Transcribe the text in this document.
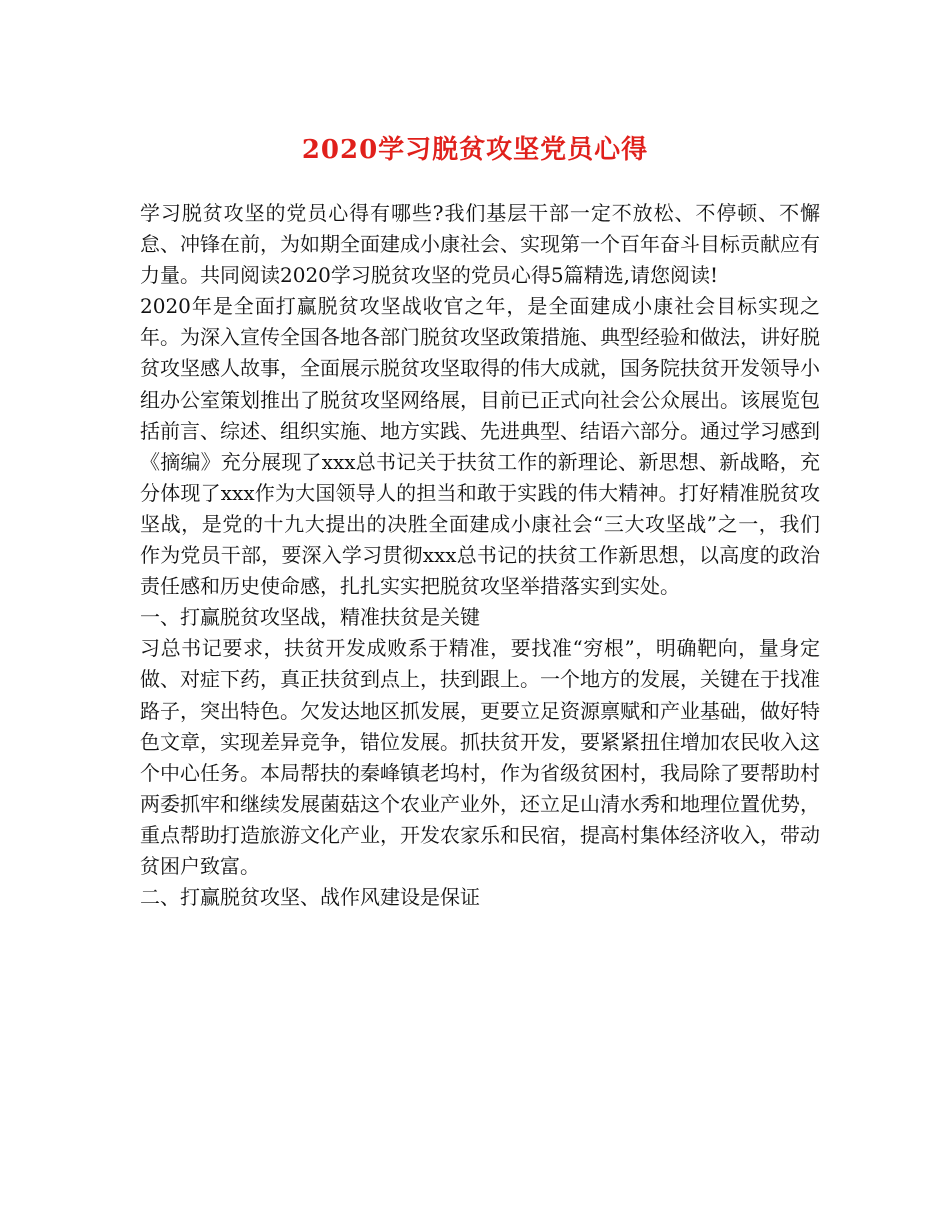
2020学习脱贫攻坚党员心得

学习脱贫攻坚的党员心得有哪些?我们基层干部一定不放松、不停顿、不懈怠、冲锋在前，为如期全面建成小康社会、实现第一个百年奋斗目标贡献应有力量。共同阅读2020学习脱贫攻坚的党员心得5篇精选,请您阅读!

2020年是全面打赢脱贫攻坚战收官之年，是全面建成小康社会目标实现之年。为深入宣传全国各地各部门脱贫攻坚政策措施、典型经验和做法，讲好脱贫攻坚感人故事，全面展示脱贫攻坚取得的伟大成就，国务院扶贫开发领导小组办公室策划推出了脱贫攻坚网络展，目前已正式向社会公众展出。该展览包括前言、综述、组织实施、地方实践、先进典型、结语六部分。通过学习感到《摘编》充分展现了xxx总书记关于扶贫工作的新理论、新思想、新战略，充分体现了xxx作为大国领导人的担当和敢于实践的伟大精神。打好精准脱贫攻坚战，是党的十九大提出的决胜全面建成小康社会“三大攻坚战”之一，我们作为党员干部，要深入学习贯彻xxx总书记的扶贫工作新思想，以高度的政治责任感和历史使命感，扎扎实实把脱贫攻坚举措落实到实处。

一、打赢脱贫攻坚战，精准扶贫是关键

习总书记要求，扶贫开发成败系于精准，要找准“穷根”，明确靶向，量身定做、对症下药，真正扶贫到点上，扶到跟上。一个地方的发展，关键在于找准路子，突出特色。欠发达地区抓发展，更要立足资源禀赋和产业基础，做好特色文章，实现差异竞争，错位发展。抓扶贫开发，要紧紧扭住增加农民收入这个中心任务。本局帮扶的秦峰镇老坞村，作为省级贫困村，我局除了要帮助村两委抓牢和继续发展菌菇这个农业产业外，还立足山清水秀和地理位置优势，重点帮助打造旅游文化产业，开发农家乐和民宿，提高村集体经济收入，带动贫困户致富。

二、打赢脱贫攻坚、战作风建设是保证
